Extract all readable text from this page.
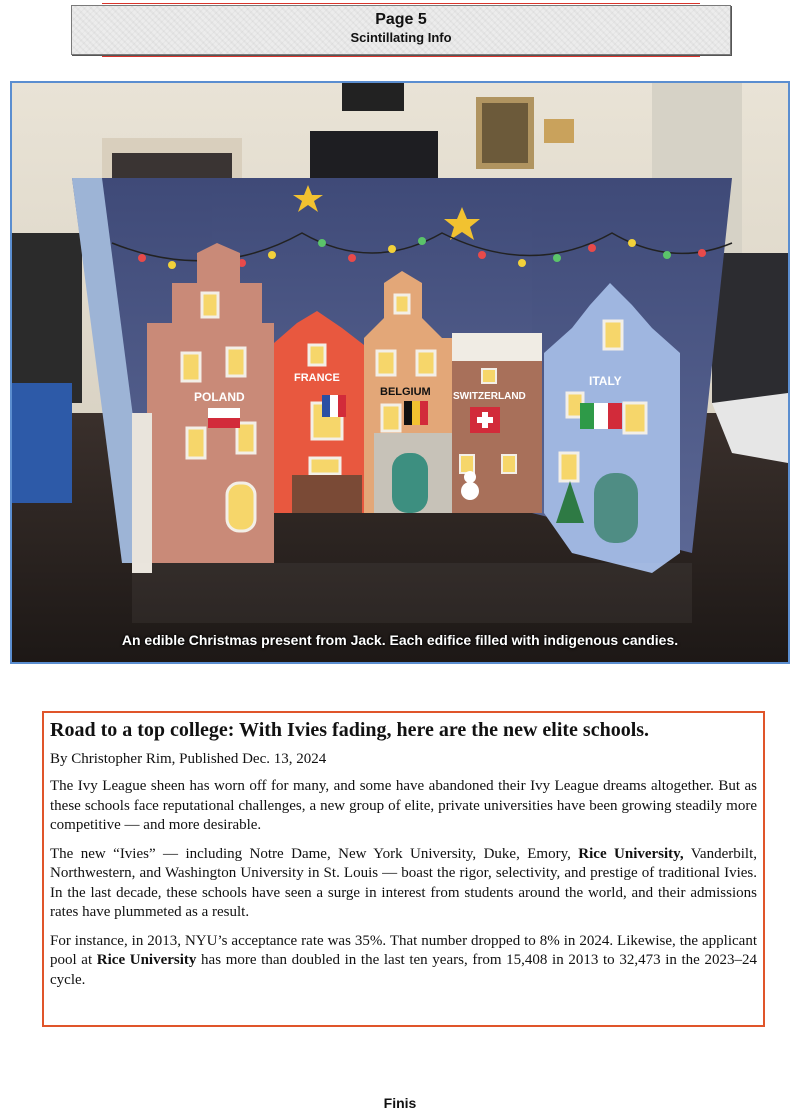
Page 5
Scintillating Info
POLAND
FRANCE
BELGIUM SWITZERLAND
ITALY
An edible Christmas present from Jack. Each edifice filled with indigenous candies.
Road to a top college: With Ivies fading, here are the new elite schools.

By Christopher Rim, Published Dec. 13, 2024

The Ivy League sheen has worn off for many, and some have abandoned their Ivy League dreams altogether. But as these schools face reputational challenges, a new group of elite, private universities have been growing steadily more competitive — and more desirable.

The new “Ivies” — including Notre Dame, New York University, Duke, Emory, Rice University, Vanderbilt, Northwestern, and Washington University in St. Louis — boast the rigor, selectivity, and prestige of traditional Ivies. In the last decade, these schools have seen a surge in interest from students around the world, and their admissions rates have plummeted as a result.

For instance, in 2013, NYU’s acceptance rate was 35%. That number dropped to 8% in 2024. Likewise, the applicant pool at Rice University has more than doubled in the last ten years, from 15,408 in 2013 to 32,473 in the 2023–24 cycle.

Finis
